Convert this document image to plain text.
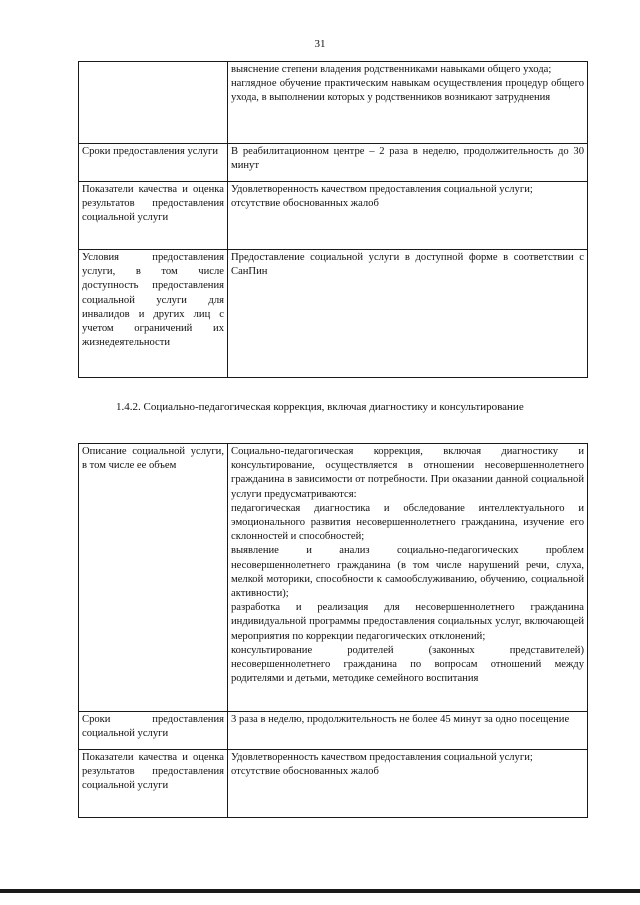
31

	выяснение степени владения родственниками навыками общего ухода;
наглядное обучение практическим навыкам осуществления процедур общего ухода, в выполнении которых у родственников возникают затруднения

Сроки предоставления услуги	В реабилитационном центре – 2 раза в неделю, продолжительность до 30 минут

Показатели качества и оценка результатов предоставления социальной услуги	Удовлетворенность качеством предоставления социальной услуги;
отсутствие обоснованных жалоб

Условия предоставления услуги, в том числе доступность предоставления социальной услуги для инвалидов и других лиц с учетом ограничений их жизнедеятельности	Предоставление социальной услуги в доступной форме в соответствии с СанПин
1.4.2. Социально-педагогическая коррекция, включая диагностику и консультирование
Описание социальной услуги, в том числе ее объем	Социально-педагогическая коррекция, включая диагностику и консультирование, осуществляется в отношении несовершеннолетнего гражданина в зависимости от потребности. При оказании данной социальной услуги предусматриваются:
педагогическая диагностика и обследование интеллектуального и эмоционального развития несовершеннолетнего гражданина, изучение его склонностей и способностей;
выявление и анализ социально-педагогических проблем несовершеннолетнего гражданина (в том числе нарушений речи, слуха, мелкой моторики, способности к самообслуживанию, обучению, социальной активности);
разработка и реализация для несовершеннолетнего гражданина индивидуальной программы предоставления социальных услуг, включающей мероприятия по коррекции педагогических отклонений;
консультирование родителей (законных представителей) несовершеннолетнего гражданина по вопросам отношений между родителями и детьми, методике семейного воспитания

Сроки предоставления социальной услуги	3 раза в неделю, продолжительность не более 45 минут за одно посещение

Показатели качества и оценка результатов предоставления социальной услуги	Удовлетворенность качеством предоставления социальной услуги;
отсутствие обоснованных жалоб
